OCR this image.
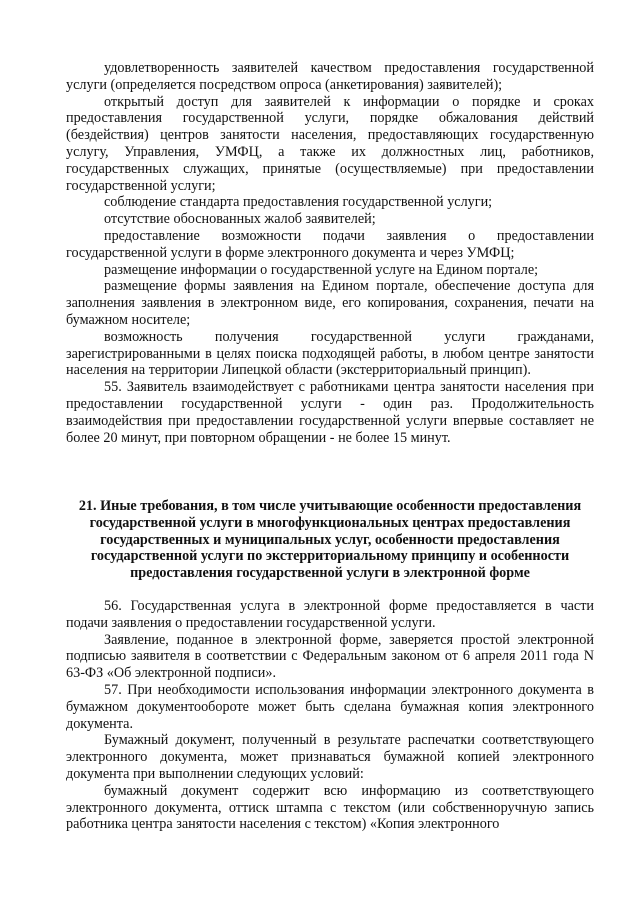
удовлетворенность заявителей качеством предоставления государственной услуги (определяется посредством опроса (анкетирования) заявителей);

открытый доступ для заявителей к информации о порядке и сроках предоставления государственной услуги, порядке обжалования действий (бездействия) центров занятости населения, предоставляющих государственную услугу, Управления, УМФЦ, а также их должностных лиц, работников, государственных служащих, принятые (осуществляемые) при предоставлении государственной услуги;

соблюдение стандарта предоставления государственной услуги;

отсутствие обоснованных жалоб заявителей;

предоставление возможности подачи заявления о предоставлении государственной услуги в форме электронного документа и через УМФЦ;

размещение информации о государственной услуге на Едином портале;

размещение формы заявления на Едином портале, обеспечение доступа для заполнения заявления в электронном виде, его копирования, сохранения, печати на бумажном носителе;

возможность получения государственной услуги гражданами, зарегистрированными в целях поиска подходящей работы, в любом центре занятости населения на территории Липецкой области (экстерриториальный принцип).

55. Заявитель взаимодействует с работниками центра занятости населения при предоставлении государственной услуги - один раз. Продолжительность взаимодействия при предоставлении государственной услуги впервые составляет не более 20 минут, при повторном обращении - не более 15 минут.

21. Иные требования, в том числе учитывающие особенности предоставления государственной услуги в многофункциональных центрах предоставления государственных и муниципальных услуг, особенности предоставления государственной услуги по экстерриториальному принципу и особенности предоставления государственной услуги в электронной форме

56. Государственная услуга в электронной форме предоставляется в части подачи заявления о предоставлении государственной услуги.

Заявление, поданное в электронной форме, заверяется простой электронной подписью заявителя в соответствии с Федеральным законом от 6 апреля 2011 года N 63-ФЗ «Об электронной подписи».

57. При необходимости использования информации электронного документа в бумажном документообороте может быть сделана бумажная копия электронного документа.

Бумажный документ, полученный в результате распечатки соответствующего электронного документа, может признаваться бумажной копией электронного документа при выполнении следующих условий:

бумажный документ содержит всю информацию из соответствующего электронного документа, оттиск штампа с текстом (или собственноручную запись работника центра занятости населения с текстом) «Копия электронного
